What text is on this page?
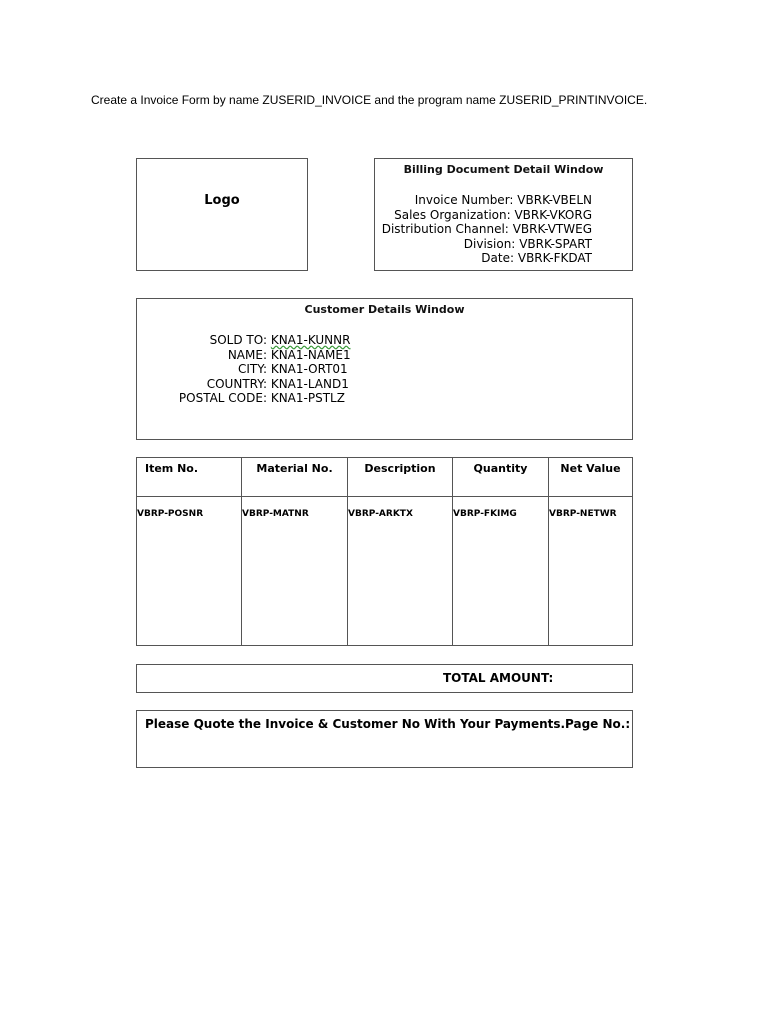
Create a Invoice Form by name ZUSERID_INVOICE and the program name ZUSERID_PRINTINVOICE.
Logo
Billing Document Detail Window
Invoice Number: VBRK-VBELN
Sales Organization: VBRK-VKORG
Distribution Channel: VBRK-VTWEG
Division: VBRK-SPART
Date: VBRK-FKDAT
Customer Details Window
SOLD TO: KNA1-KUNNR
NAME: KNA1-NAME1
CITY: KNA1-ORT01
COUNTRY: KNA1-LAND1
POSTAL CODE: KNA1-PSTLZ
Item No.	Material No.	Description	Quantity	Net Value
VBRP-POSNR	VBRP-MATNR	VBRP-ARKTX	VBRP-FKIMG	VBRP-NETWR
TOTAL AMOUNT:
Please Quote the Invoice & Customer No With Your Payments. Page No.:
